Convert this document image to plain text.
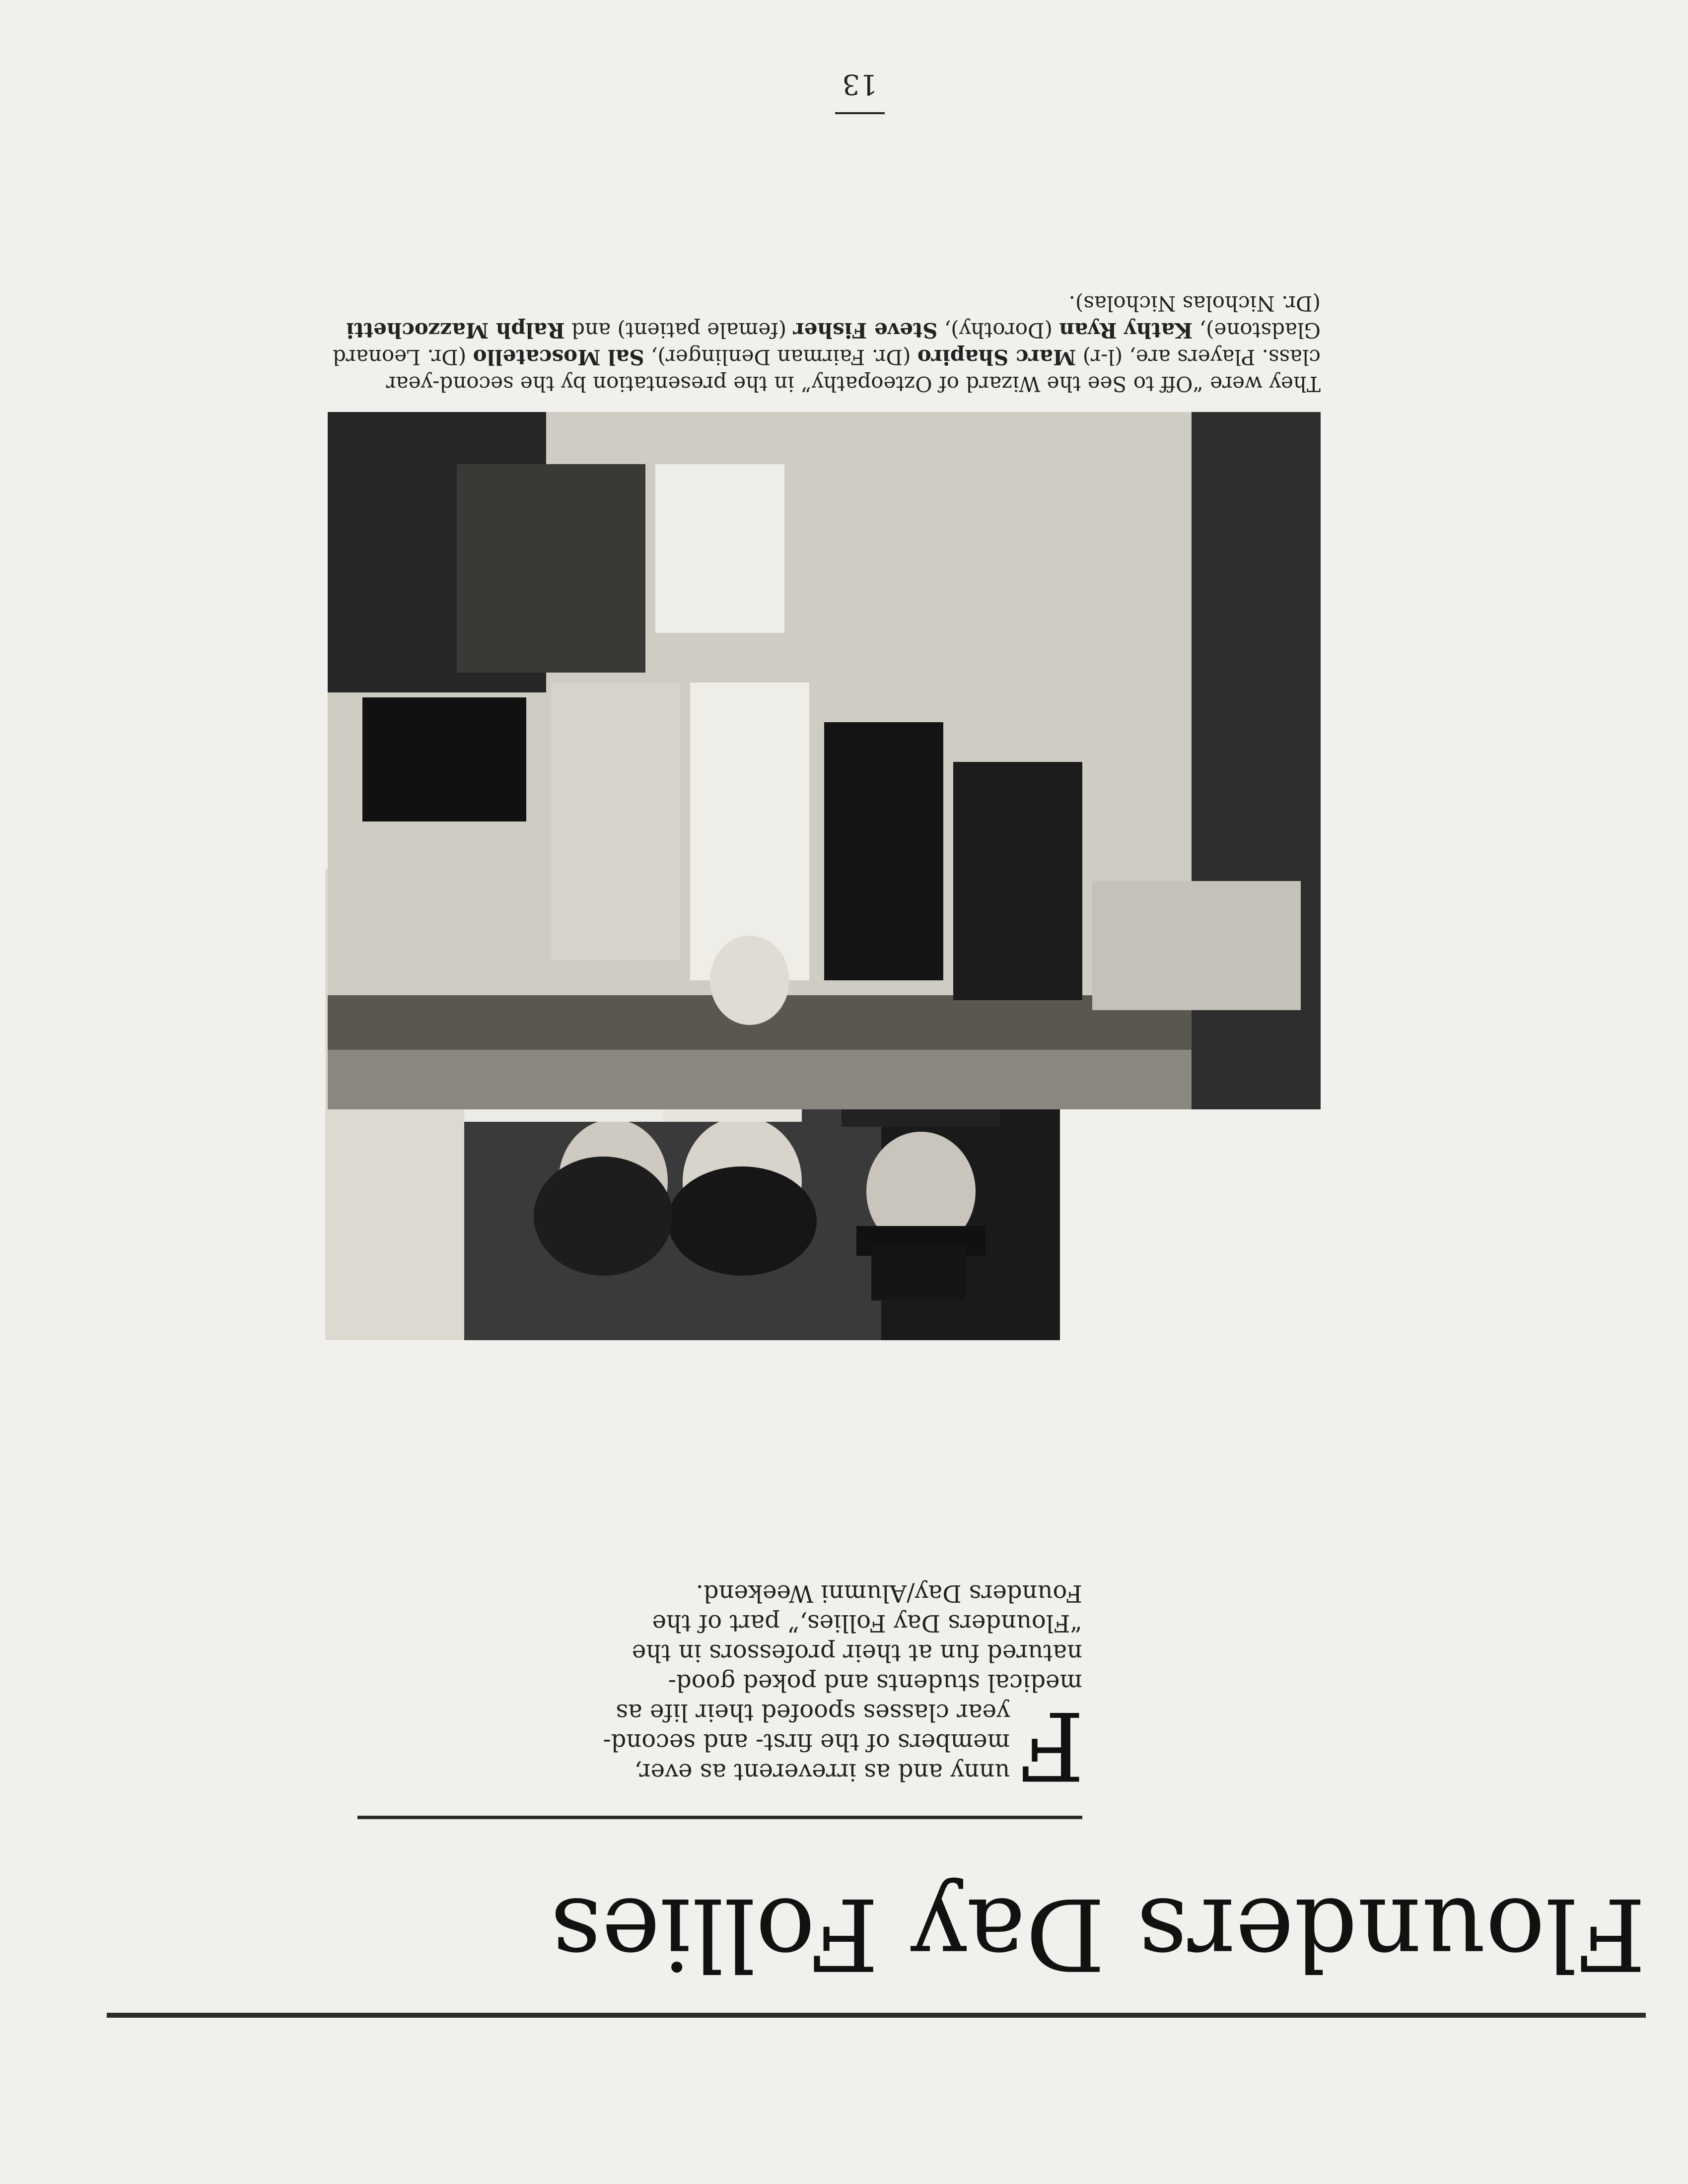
13
Flounders Day Follies
F
unny and as irreverent as ever, members of the first- and second-year classes spoofed their life as medical students and poked good-natured fun at their professors in the “Flounders Day Follies,” part of the Founders Day/Alumni Weekend.
They were “Off to See the Wizard of Ozteopathy” in the presentation by the second-year class. Players are, (l-r) Marc Shapiro (Dr. Fairman Denlinger), Sal Moscatello (Dr. Leonard Gladstone), Kathy Ryan (Dorothy), Steve Fisher (female patient) and Ralph Mazzochetti (Dr. Nicholas Nicholas).
